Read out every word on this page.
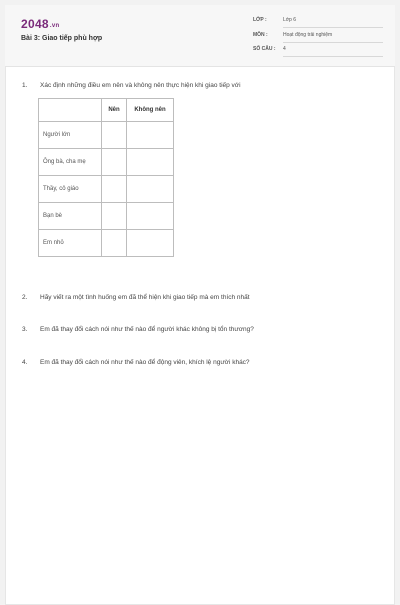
2048.vn
Bài 3: Giao tiếp phù hợp
LỚP :	Lớp 6
MÔN :	Hoạt động trải nghiệm
SỐ CÂU : 4
1. Xác định những điều em nên và không nên thực hiện khi giao tiếp với
	Nên	Không nên
Người lớn		
Ông bà, cha mẹ		
Thầy, cô giáo		
Bạn bè		
Em nhỏ		
2. Hãy viết ra một tình huống em đã thể hiện khi giao tiếp mà em thích nhất
3. Em đã thay đổi cách nói như thế nào để người khác không bị tổn thương?
4. Em đã thay đổi cách nói như thế nào để động viên, khích lệ người khác?
